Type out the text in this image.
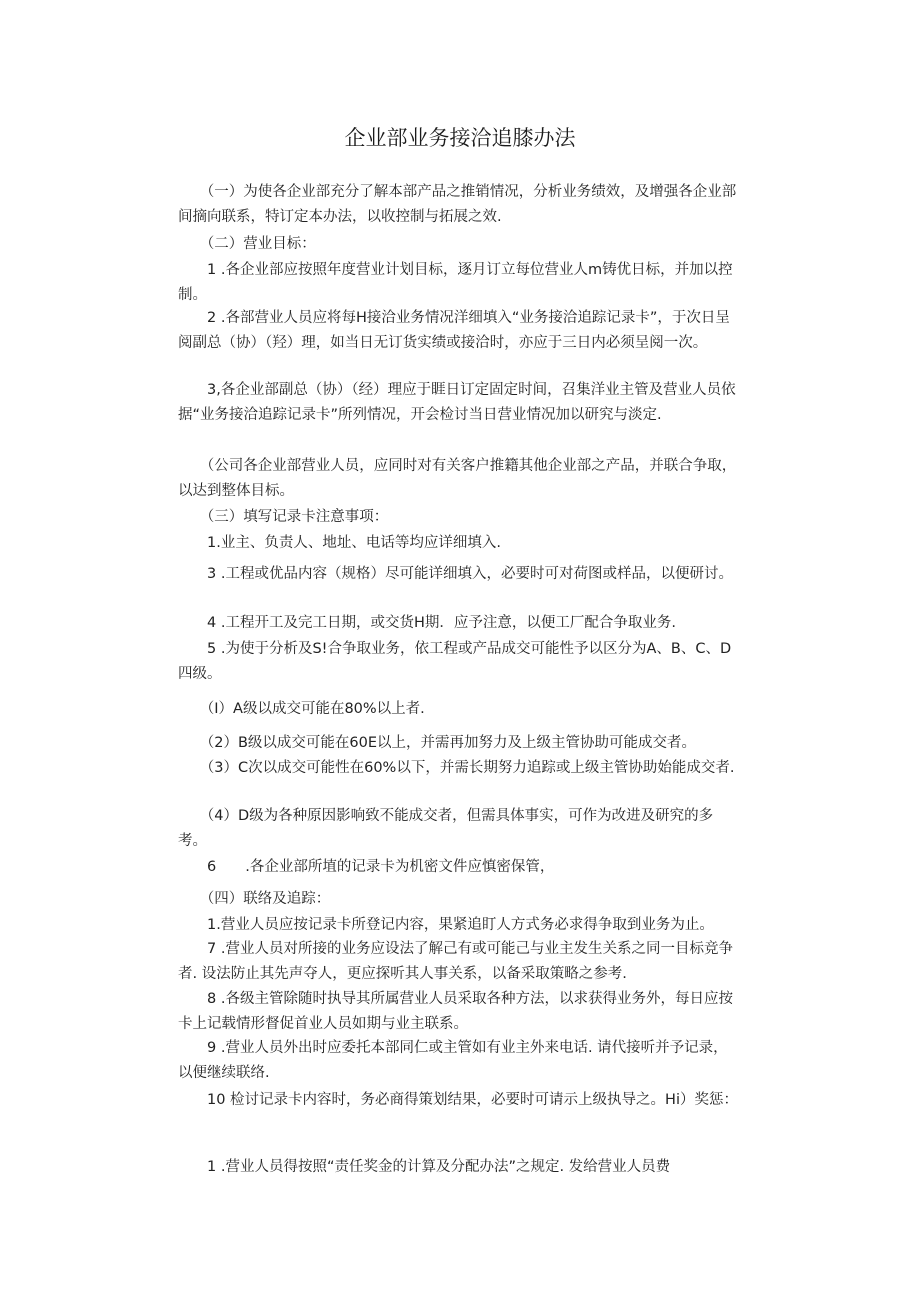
企业部业务接洽追膝办法

　　（一）为使各企业部充分了解本部产品之推销情况，分析业务绩效，及增强各企业部间摘向联系，特订定本办法，以收控制与拓展之效.

　　（二）营业目标：

　　1 .各企业部应按照年度营业计划目标，逐月订立每位营业人m铸优日标，并加以控制。

　　2 .各部营业人员应将每H接洽业务情况洋细填入“业务接洽追踪记录卡”，于次日呈阅副总（协）（羟）理，如当日无订货实绩或接洽时，亦应于三日内必须呈阅一次。

　　3,各企业部副总（协）（经）理应于睚日订定固定时间，召集洋业主管及营业人员依据“业务接洽追踪记录卡”所列情况，开会检讨当日营业情况加以研究与淡定.

　　（公司各企业部营业人员，应同时对有关客户推籍其他企业部之产品，并联合争取，以达到整体目标。

　　（三）填写记录卡注意事项：

　　1.业主、负责人、地址、电话等均应详细填入.

　　3 .工程或优品内容（规格）尽可能详细填入，必要时可对荷图或样品，以便研讨。

　　4 .工程开工及完工日期，或交货H期．应予注意，以便工厂配合争取业务.

　　5 .为使于分析及S!合争取业务，依工程或产品成交可能性予以区分为A、B、C、D四级。

　　（I）A级以成交可能在80%以上者.

　　（2）B级以成交可能在60E以上，并需再加努力及上级主管协助可能成交者。

　　（3）C次以成交可能性在60%以下，并需长期努力追踪或上级主管协助始能成交者.

　　（4）D级为各种原因影响致不能成交者，但需具体事实，可作为改进及研究的多考。

　　6　　.各企业部所埴的记录卡为机密文件应慎密保管，

　　（四）联络及追踪：

　　1.营业人员应按记录卡所登记内容，果紧追盯人方式务必求得争取到业务为止。

　　7 .营业人员对所接的业务应设法了解己有或可能己与业主发生关系之同一目标竞争者. 设法防止其先声夺人，更应探听其人事关系，以备采取策略之参考.

　　8 .各级主管除随时执导其所属营业人员采取各种方法，以求获得业务外，每日应按卡上记载情形督促首业人员如期与业主联系。

　　9 .营业人员外出时应委托本部同仁或主管如有业主外来电话. 请代接听并予记录，以便继续联络.

　　10 检讨记录卡内容时，务必商得策划结果，必要时可请示上级执导之。Hi）奖惩：

　　1 .营业人员得按照“责任奖金的计算及分配办法”之规定. 发给营业人员费
